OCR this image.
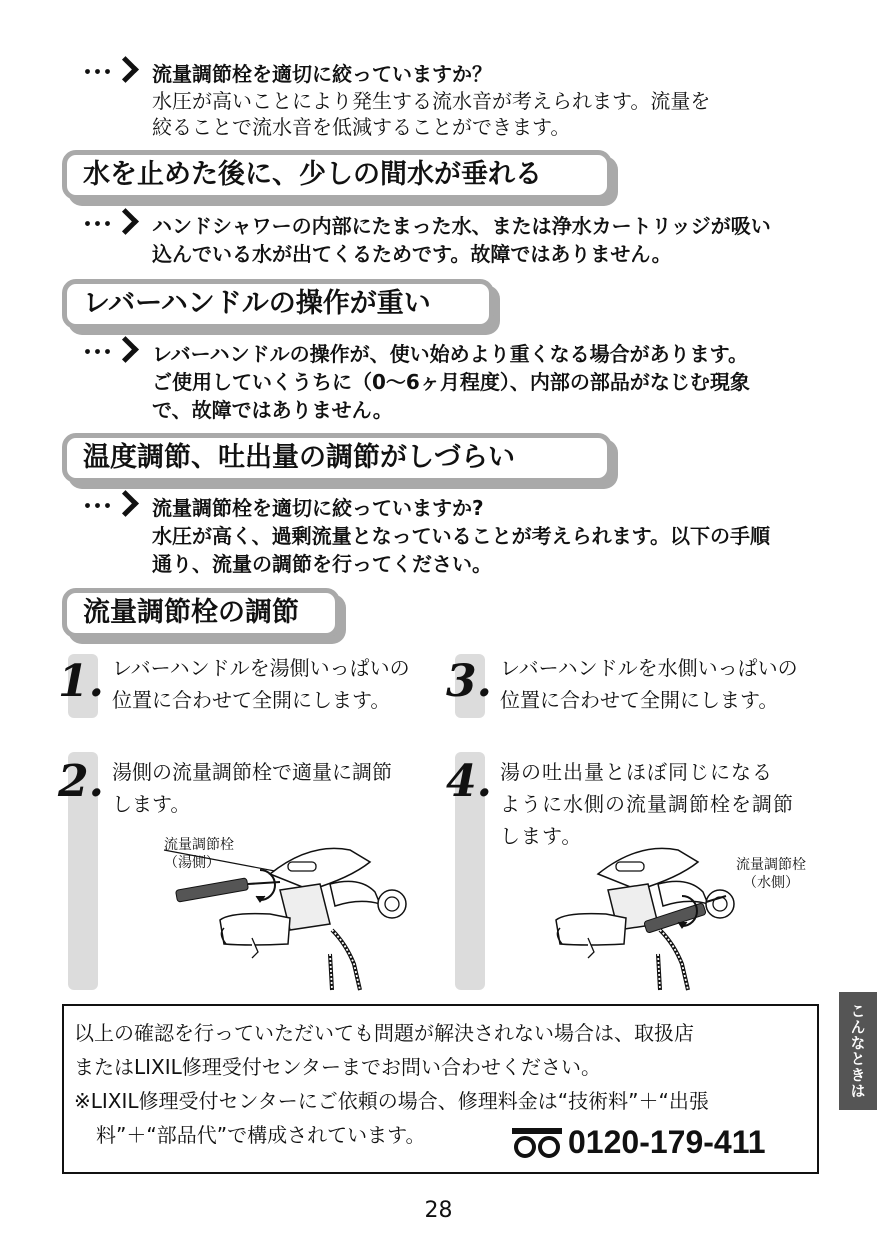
･･･	流量調節栓を適切に絞っていますか？
水圧が高いことにより発生する流水音が考えられます。流量を
絞ることで流水音を低減することができます。
水を止めた後に、少しの間水が垂れる
･･･	ハンドシャワーの内部にたまった水、または浄水カートリッジが吸い
込んでいる水が出てくるためです。故障ではありません。
レバーハンドルの操作が重い
･･･	レバーハンドルの操作が、使い始めより重くなる場合があります。
ご使用していくうちに（0～6ヶ月程度）、内部の部品がなじむ現象
で、故障ではありません。
温度調節、吐出量の調節がしづらい
･･･	流量調節栓を適切に絞っていますか?
水圧が高く、過剰流量となっていることが考えられます。以下の手順
通り、流量の調節を行ってください。
流量調節栓の調節
1. レバーハンドルを湯側いっぱいの
位置に合わせて全開にします。
2. 湯側の流量調節栓で適量に調節
します。
3. レバーハンドルを水側いっぱいの
位置に合わせて全開にします。
4. 湯の吐出量とほぼ同じになる
ように水側の流量調節栓を調節
します。
流量調節栓
（湯側）	流量調節栓
（水側）
以上の確認を行っていただいても問題が解決されない場合は、取扱店
またはLIXIL修理受付センターまでお問い合わせください。
※LIXIL修理受付センターにご依頼の場合、修理料金は“技術料”＋“出張
料”＋“部品代”で構成されています。	0120-179-411
こんなときは
28
